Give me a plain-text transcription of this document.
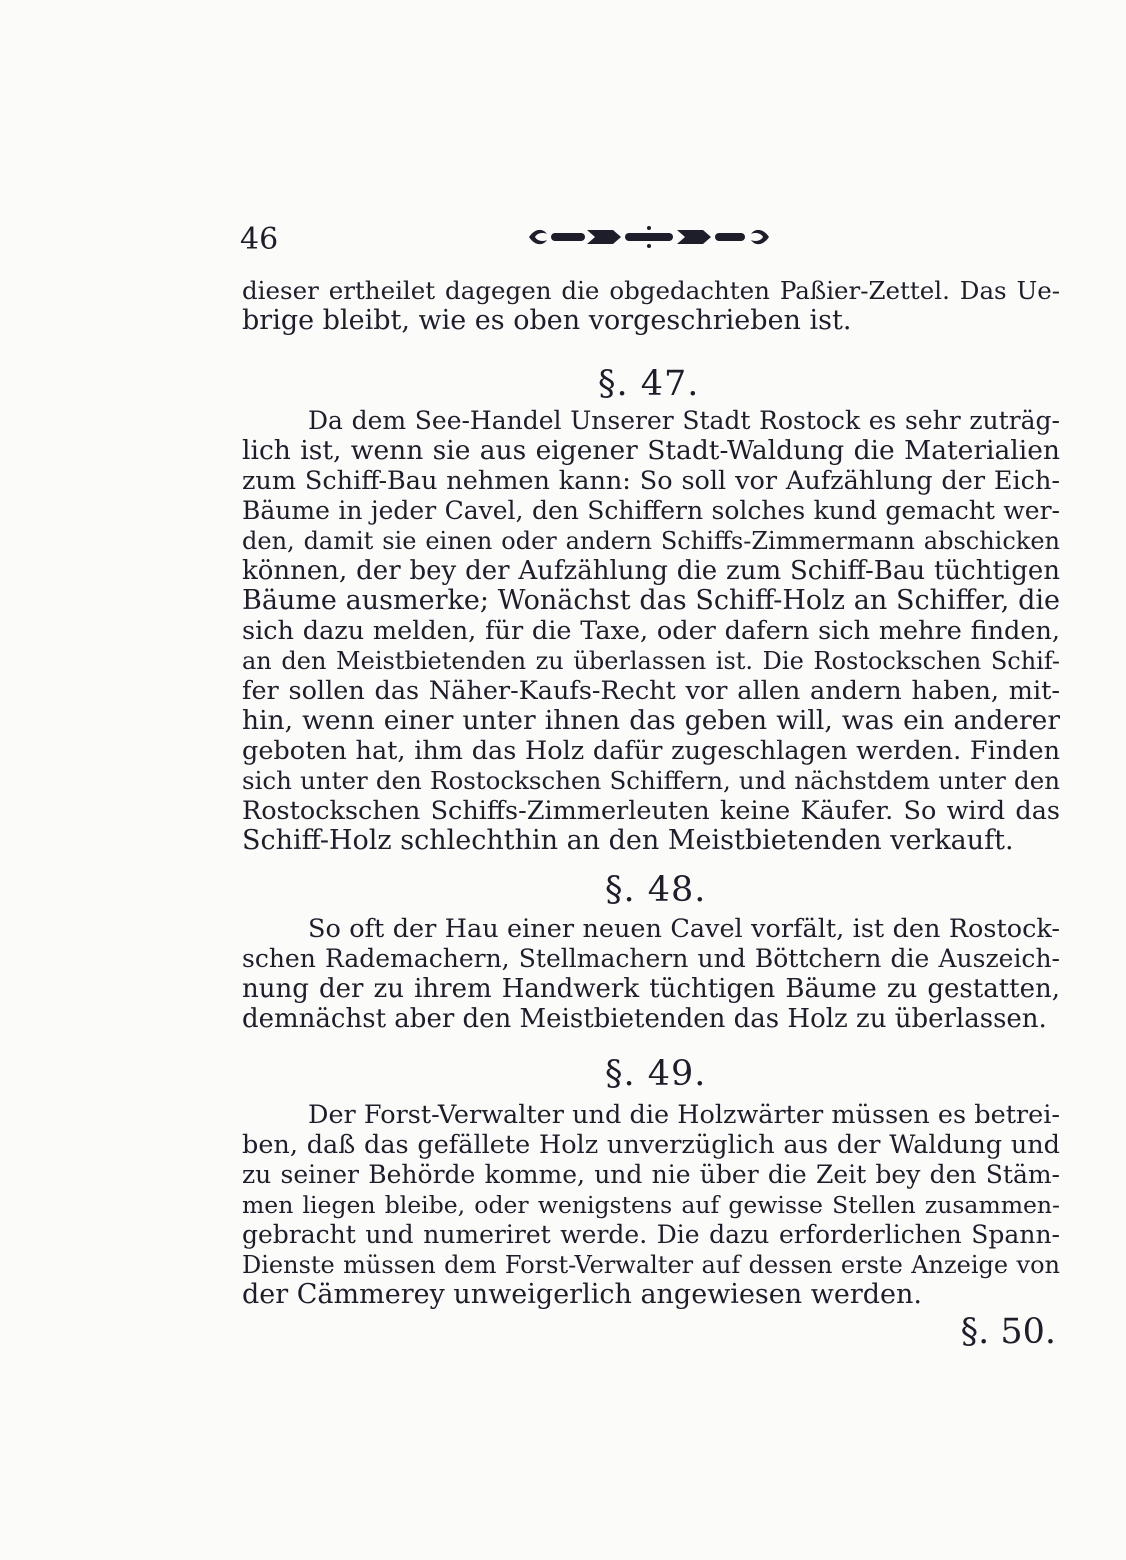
46
dieser ertheilet dagegen die obgedachten Paßier-Zettel. Das Ue-
brige bleibt, wie es oben vorgeschrieben ist.
§. 47.
Da dem See-Handel Unserer Stadt Rostock es sehr zuträg-
lich ist, wenn sie aus eigener Stadt-Waldung die Materialien
zum Schiff-Bau nehmen kann: So soll vor Aufzählung der Eich-
Bäume in jeder Cavel, den Schiffern solches kund gemacht wer-
den, damit sie einen oder andern Schiffs-Zimmermann abschicken
können, der bey der Aufzählung die zum Schiff-Bau tüchtigen
Bäume ausmerke; Wonächst das Schiff-Holz an Schiffer, die
sich dazu melden, für die Taxe, oder dafern sich mehre finden,
an den Meistbietenden zu überlassen ist. Die Rostockschen Schif-
fer sollen das Näher-Kaufs-Recht vor allen andern haben, mit-
hin, wenn einer unter ihnen das geben will, was ein anderer
geboten hat, ihm das Holz dafür zugeschlagen werden. Finden
sich unter den Rostockschen Schiffern, und nächstdem unter den
Rostockschen Schiffs-Zimmerleuten keine Käufer. So wird das
Schiff-Holz schlechthin an den Meistbietenden verkauft.
§. 48.
So oft der Hau einer neuen Cavel vorfält, ist den Rostock-
schen Rademachern, Stellmachern und Böttchern die Auszeich-
nung der zu ihrem Handwerk tüchtigen Bäume zu gestatten,
demnächst aber den Meistbietenden das Holz zu überlassen.
§. 49.
Der Forst-Verwalter und die Holzwärter müssen es betrei-
ben, daß das gefällete Holz unverzüglich aus der Waldung und
zu seiner Behörde komme, und nie über die Zeit bey den Stäm-
men liegen bleibe, oder wenigstens auf gewisse Stellen zusammen-
gebracht und numeriret werde. Die dazu erforderlichen Spann-
Dienste müssen dem Forst-Verwalter auf dessen erste Anzeige von
der Cämmerey unweigerlich angewiesen werden.
§. 50.
